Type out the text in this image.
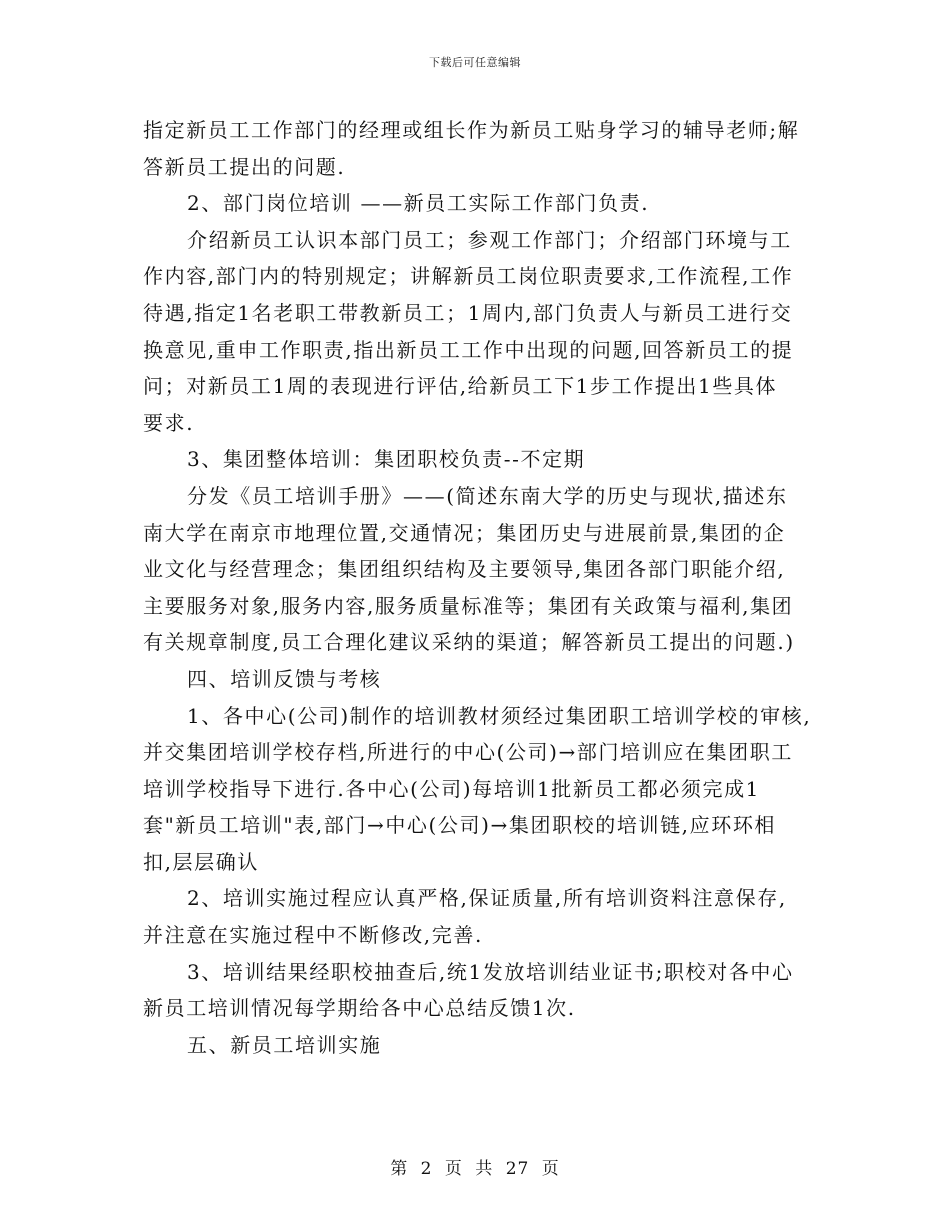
下载后可任意编辑
指定新员工工作部门的经理或组长作为新员工贴身学习的辅导老师;解
答新员工提出的问题.
2、部门岗位培训 ——新员工实际工作部门负责.
介绍新员工认识本部门员工；参观工作部门；介绍部门环境与工
作内容,部门内的特别规定；讲解新员工岗位职责要求,工作流程,工作
待遇,指定1名老职工带教新员工；1周内,部门负责人与新员工进行交
换意见,重申工作职责,指出新员工工作中出现的问题,回答新员工的提
问；对新员工1周的表现进行评估,给新员工下1步工作提出1些具体
要求.
3、集团整体培训：集团职校负责--不定期
分发《员工培训手册》——(简述东南大学的历史与现状,描述东
南大学在南京市地理位置,交通情况；集团历史与进展前景,集团的企
业文化与经营理念；集团组织结构及主要领导,集团各部门职能介绍,
主要服务对象,服务内容,服务质量标准等；集团有关政策与福利,集团
有关规章制度,员工合理化建议采纳的渠道；解答新员工提出的问题.)
四、培训反馈与考核
1、各中心(公司)制作的培训教材须经过集团职工培训学校的审核,
并交集团培训学校存档,所进行的中心(公司)→部门培训应在集团职工
培训学校指导下进行.各中心(公司)每培训1批新员工都必须完成1
套"新员工培训"表,部门→中心(公司)→集团职校的培训链,应环环相
扣,层层确认
2、培训实施过程应认真严格,保证质量,所有培训资料注意保存,
并注意在实施过程中不断修改,完善.
3、培训结果经职校抽查后,统1发放培训结业证书;职校对各中心
新员工培训情况每学期给各中心总结反馈1次.
五、新员工培训实施
第 2 页 共 27 页
